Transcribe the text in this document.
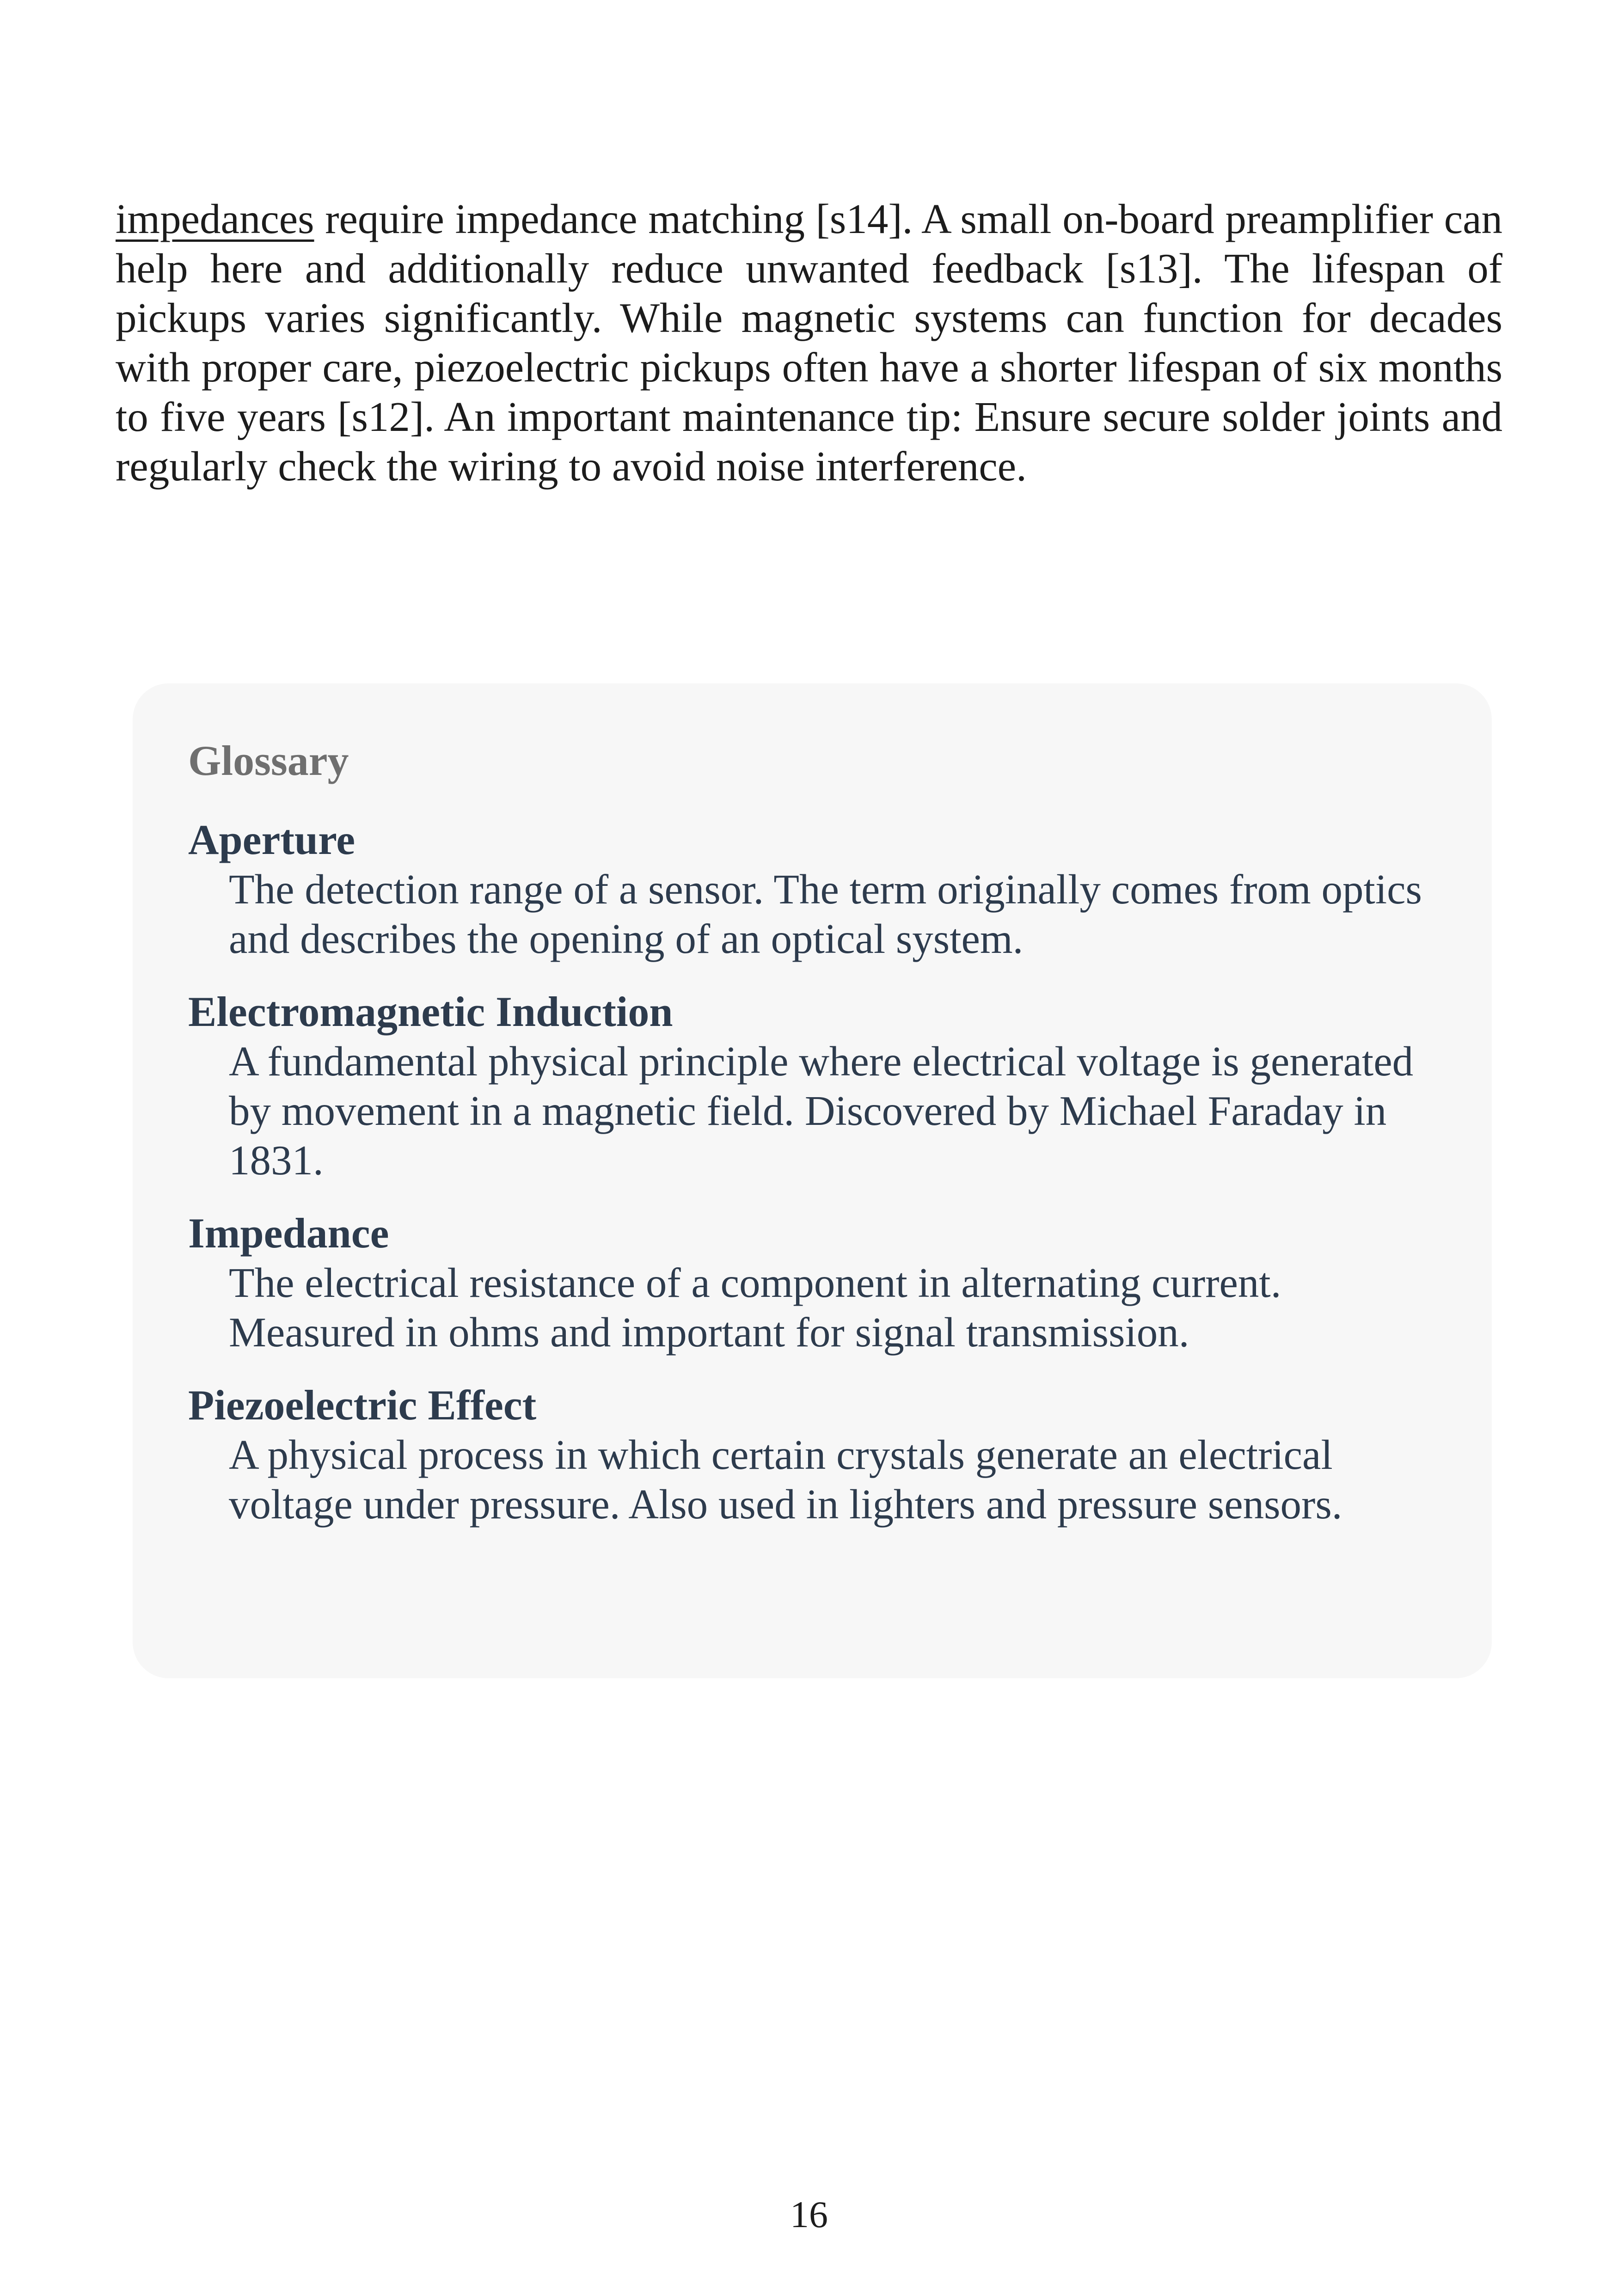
impedances require impedance matching [s14]. A small on-board preamplifier can help here and additionally reduce unwanted feedback [s13]. The lifespan of pickups varies significantly. While magnetic systems can function for decades with proper care, piezoelectric pickups often have a shorter lifespan of six months to five years [s12]. An important maintenance tip: Ensure secure solder joints and regularly check the wiring to avoid noise interference.

Glossary
Aperture
The detection range of a sensor. The term originally comes from optics and describes the opening of an optical system.
Electromagnetic Induction
A fundamental physical principle where electrical voltage is generated by movement in a magnetic field. Discovered by Michael Faraday in 1831.
Impedance
The electrical resistance of a component in alternating current. Measured in ohms and important for signal transmission.
Piezoelectric Effect
A physical process in which certain crystals generate an electrical voltage under pressure. Also used in lighters and pressure sensors.
16
